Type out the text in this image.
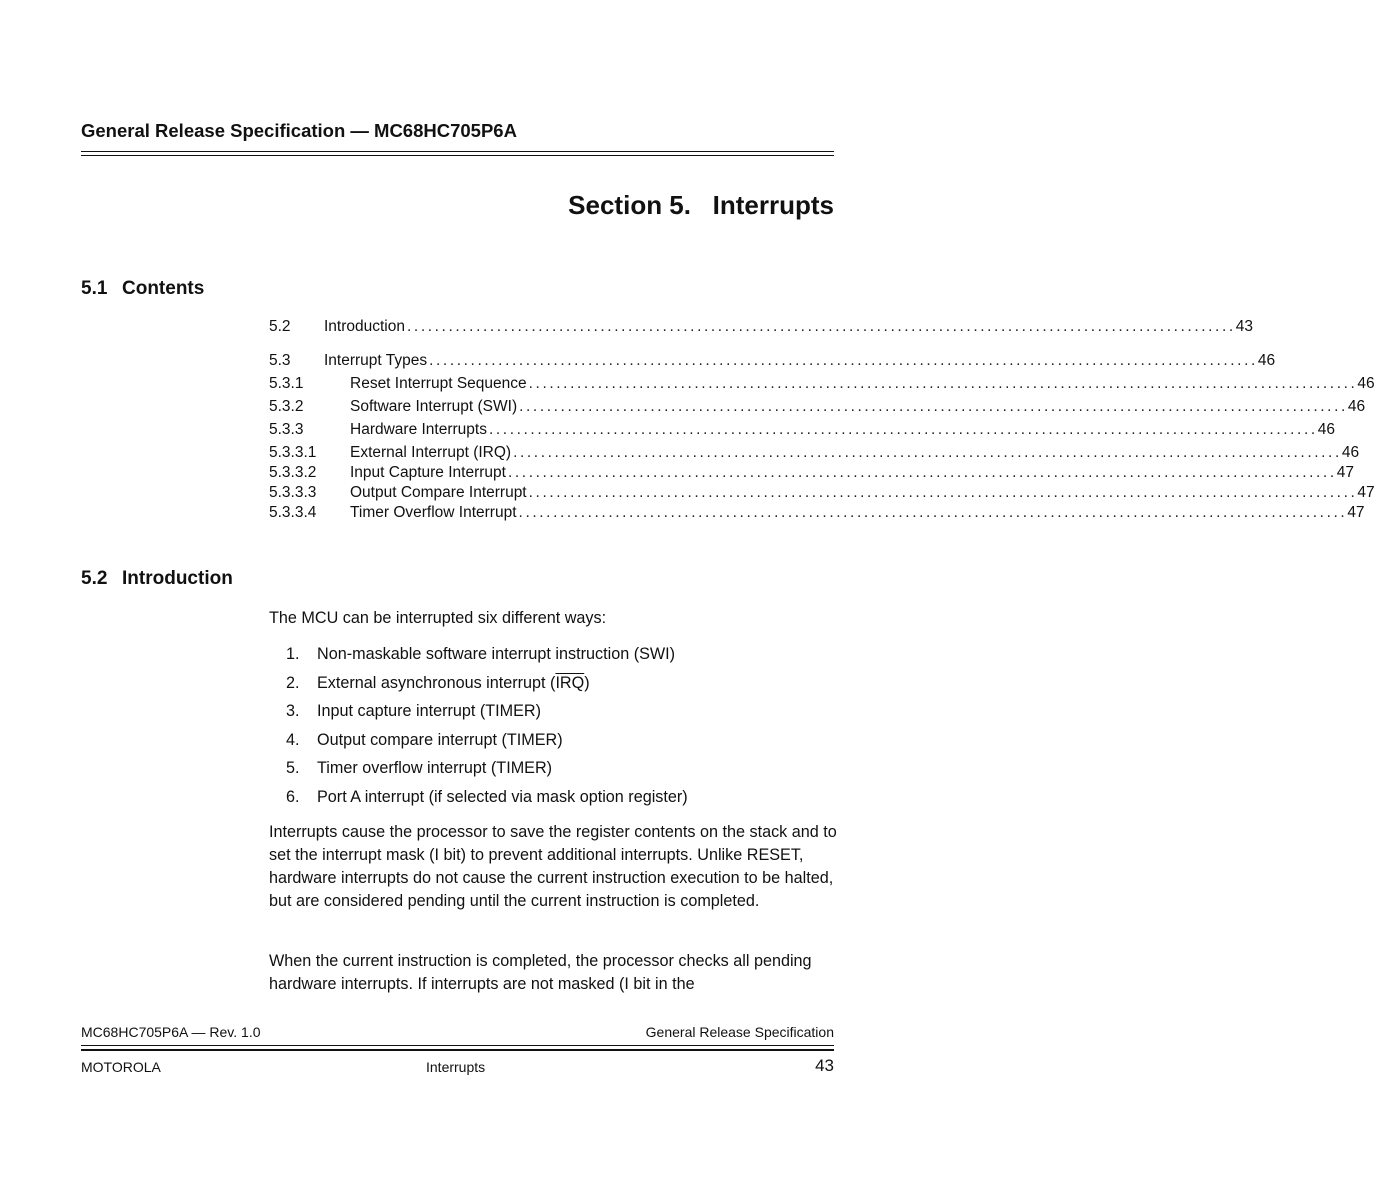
General Release Specification — MC68HC705P6A
Section 5.   Interrupts
5.1 Contents
5.2	Introduction ........................................................................................................................ 43
5.3	Interrupt Types ........................................................................................................................ 46
5.3.1	Reset Interrupt Sequence ........................................................................................................................ 46
5.3.2	Software Interrupt (SWI) ........................................................................................................................ 46
5.3.3	Hardware Interrupts ........................................................................................................................ 46
5.3.3.1	External Interrupt (IRQ) ........................................................................................................................ 46
5.3.3.2	Input Capture Interrupt ........................................................................................................................ 47
5.3.3.3	Output Compare Interrupt ........................................................................................................................ 47
5.3.3.4	Timer Overflow Interrupt ........................................................................................................................ 47
5.2 Introduction
The MCU can be interrupted six different ways:
1. Non-maskable software interrupt instruction (SWI)
2. External asynchronous interrupt $(\overline{IRQ})$
3. Input capture interrupt (TIMER)
4. Output compare interrupt (TIMER)
5. Timer overflow interrupt (TIMER)
6. Port A interrupt (if selected via mask option register)
Interrupts cause the processor to save the register contents on the stack and to set the interrupt mask (I bit) to prevent additional interrupts. Unlike RESET, hardware interrupts do not cause the current instruction execution to be halted, but are considered pending until the current instruction is completed.
When the current instruction is completed, the processor checks all pending hardware interrupts. If interrupts are not masked (I bit in the
MC68HC705P6A — Rev. 1.0	General Release Specification
MOTOROLA	Interrupts	43
